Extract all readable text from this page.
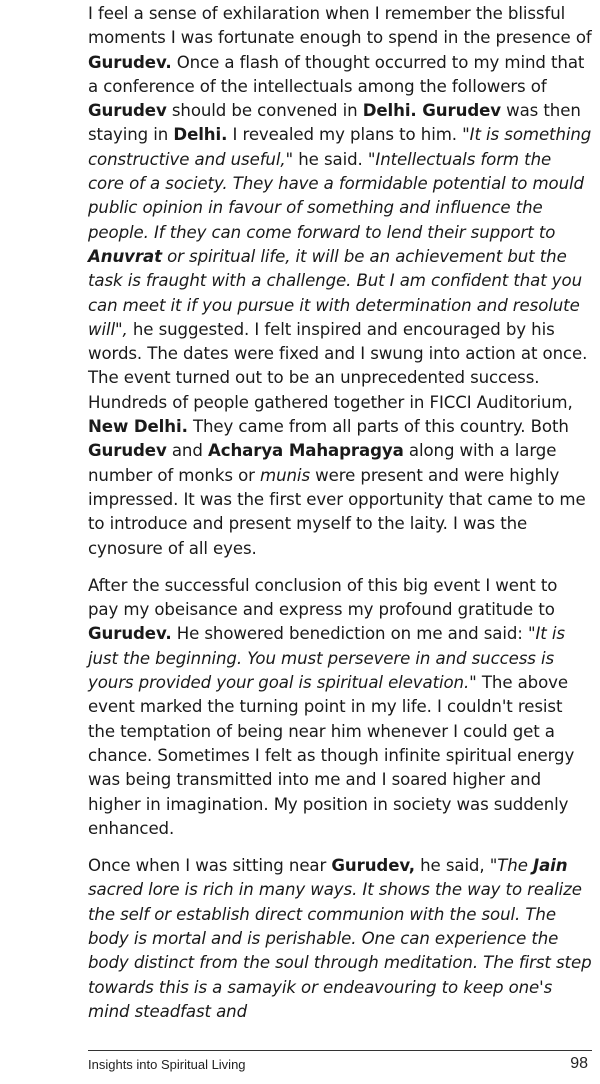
I feel a sense of exhilaration when I remember the blissful moments I was fortunate enough to spend in the presence of Gurudev. Once a flash of thought occurred to my mind that a conference of the intellectuals among the followers of Gurudev should be convened in Delhi. Gurudev was then staying in Delhi. I revealed my plans to him. "It is something constructive and useful," he said. "Intellectuals form the core of a society. They have a formidable potential to mould public opinion in favour of something and influence the people. If they can come forward to lend their support to Anuvrat or spiritual life, it will be an achievement but the task is fraught with a challenge. But I am confident that you can meet it if you pursue it with determination and resolute will", he suggested. I felt inspired and encouraged by his words. The dates were fixed and I swung into action at once. The event turned out to be an unprecedented success. Hundreds of people gathered together in FICCI Auditorium, New Delhi. They came from all parts of this country. Both Gurudev and Acharya Mahapragya along with a large number of monks or munis were present and were highly impressed. It was the first ever opportunity that came to me to introduce and present myself to the laity. I was the cynosure of all eyes.

After the successful conclusion of this big event I went to pay my obeisance and express my profound gratitude to Gurudev. He showered benediction on me and said: "It is just the beginning. You must persevere in and success is yours provided your goal is spiritual elevation." The above event marked the turning point in my life. I couldn't resist the temptation of being near him whenever I could get a chance. Sometimes I felt as though infinite spiritual energy was being transmitted into me and I soared higher and higher in imagination. My position in society was suddenly enhanced.

Once when I was sitting near Gurudev, he said, "The Jain sacred lore is rich in many ways. It shows the way to realize the self or establish direct communion with the soul. The body is mortal and is perishable. One can experience the body distinct from the soul through meditation. The first step towards this is a samayik or endeavouring to keep one's mind steadfast and

Insights into Spiritual Living	98
